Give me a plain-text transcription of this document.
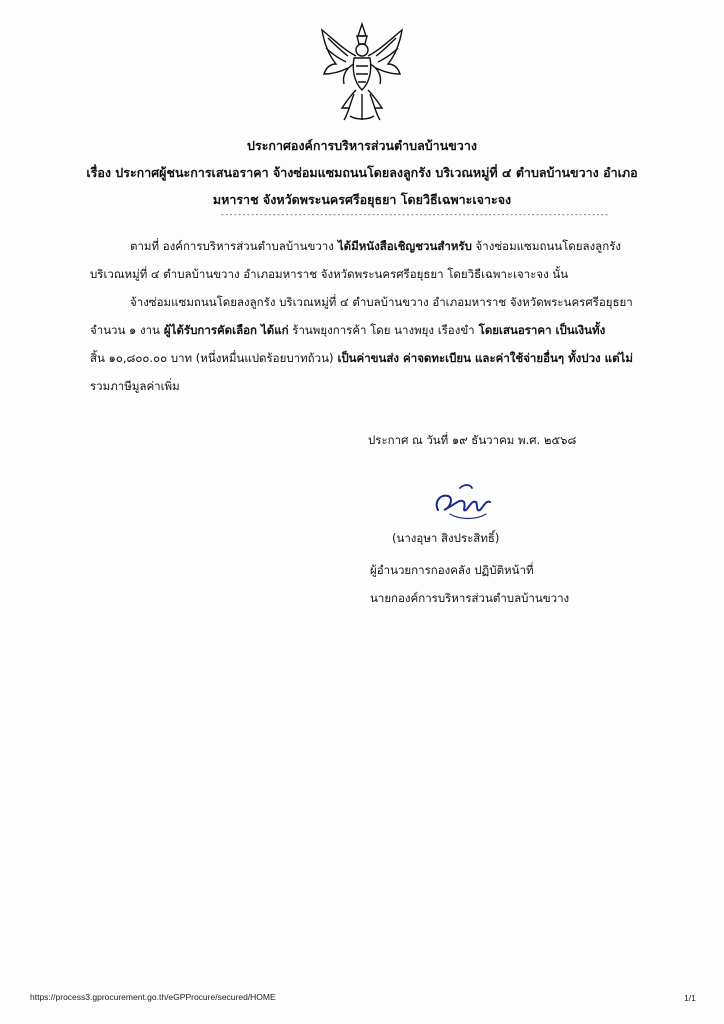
ประกาศองค์การบริหารส่วนตำบลบ้านขวาง
เรื่อง ประกาศผู้ชนะการเสนอราคา จ้างซ่อมแซมถนนโดยลงลูกรัง บริเวณหมู่ที่ ๔ ตำบลบ้านขวาง อำเภอ
มหาราช จังหวัดพระนครศรีอยุธยา โดยวิธีเฉพาะเจาะจง
------------------------------------------------------------------------------------------
ตามที่ องค์การบริหารส่วนตำบลบ้านขวาง ได้มีหนังสือเชิญชวนสำหรับ จ้างซ่อมแซมถนนโดยลงลูกรัง
บริเวณหมู่ที่ ๔ ตำบลบ้านขวาง อำเภอมหาราช จังหวัดพระนครศรีอยุธยา โดยวิธีเฉพาะเจาะจง นั้น
จ้างซ่อมแซมถนนโดยลงลูกรัง บริเวณหมู่ที่ ๔ ตำบลบ้านขวาง อำเภอมหาราช จังหวัดพระนครศรีอยุธยา
จำนวน ๑ งาน ผู้ได้รับการคัดเลือก ได้แก่ ร้านพยุงการค้า โดย นางพยุง เรืองขำ โดยเสนอราคา เป็นเงินทั้ง
สิ้น ๑๐,๘๐๐.๐๐ บาท (หนึ่งหมื่นแปดร้อยบาทถ้วน) เป็นค่าขนส่ง ค่าจดทะเบียน และค่าใช้จ่ายอื่นๆ ทั้งปวง แต่ไม่
รวมภาษีมูลค่าเพิ่ม
ประกาศ ณ วันที่ ๑๙ ธันวาคม พ.ศ. ๒๕๖๘
(นางอุษา สิงประสิทธิ์)
ผู้อำนวยการกองคลัง ปฏิบัติหน้าที่
นายกองค์การบริหารส่วนตำบลบ้านขวาง
https://process3.gprocurement.go.th/eGPProcure/secured/HOME	1/1
